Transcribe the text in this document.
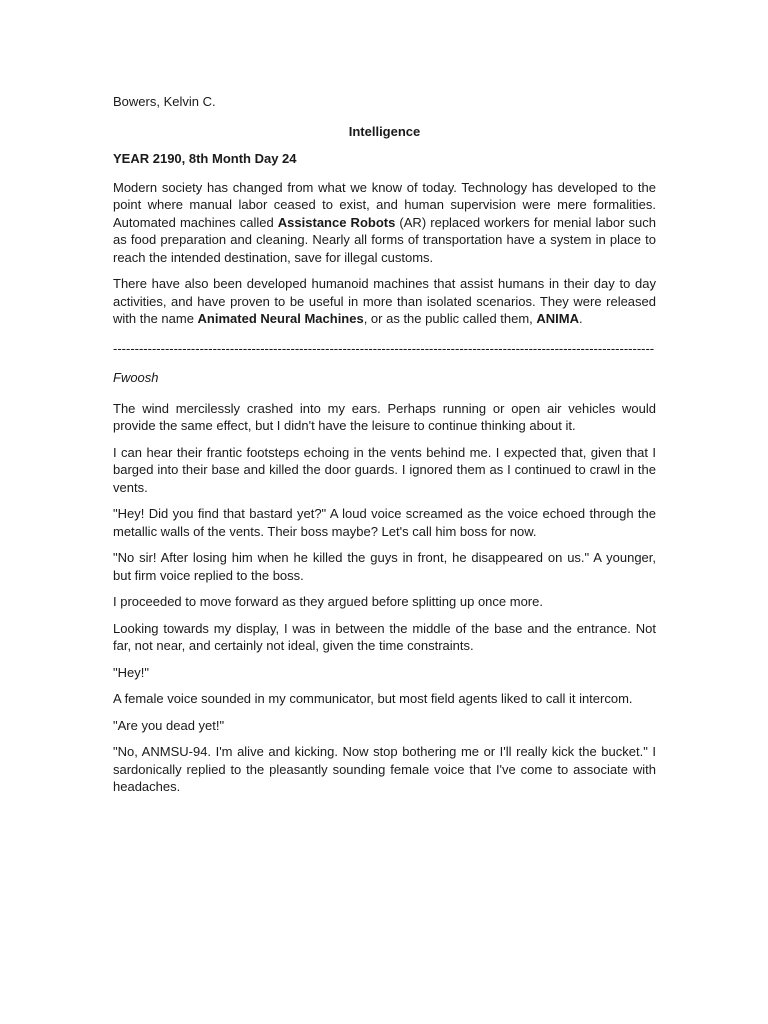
Bowers, Kelvin C.

Intelligence

YEAR 2190, 8th Month Day 24

Modern society has changed from what we know of today. Technology has developed to the point where manual labor ceased to exist, and human supervision were mere formalities. Automated machines called Assistance Robots (AR) replaced workers for menial labor such as food preparation and cleaning. Nearly all forms of transportation have a system in place to reach the intended destination, save for illegal customs.

There have also been developed humanoid machines that assist humans in their day to day activities, and have proven to be useful in more than isolated scenarios. They were released with the name Animated Neural Machines, or as the public called them, ANIMA.

-----------------------------------------------------------------------------------------------------------------------------

Fwoosh

The wind mercilessly crashed into my ears. Perhaps running or open air vehicles would provide the same effect, but I didn't have the leisure to continue thinking about it.

I can hear their frantic footsteps echoing in the vents behind me. I expected that, given that I barged into their base and killed the door guards. I ignored them as I continued to crawl in the vents.

"Hey! Did you find that bastard yet?" A loud voice screamed as the voice echoed through the metallic walls of the vents. Their boss maybe? Let's call him boss for now.

"No sir! After losing him when he killed the guys in front, he disappeared on us." A younger, but firm voice replied to the boss.

I proceeded to move forward as they argued before splitting up once more.

Looking towards my display, I was in between the middle of the base and the entrance. Not far, not near, and certainly not ideal, given the time constraints.

"Hey!"

A female voice sounded in my communicator, but most field agents liked to call it intercom.

"Are you dead yet!"

"No, ANMSU-94. I'm alive and kicking. Now stop bothering me or I'll really kick the bucket." I sardonically replied to the pleasantly sounding female voice that I've come to associate with headaches.
